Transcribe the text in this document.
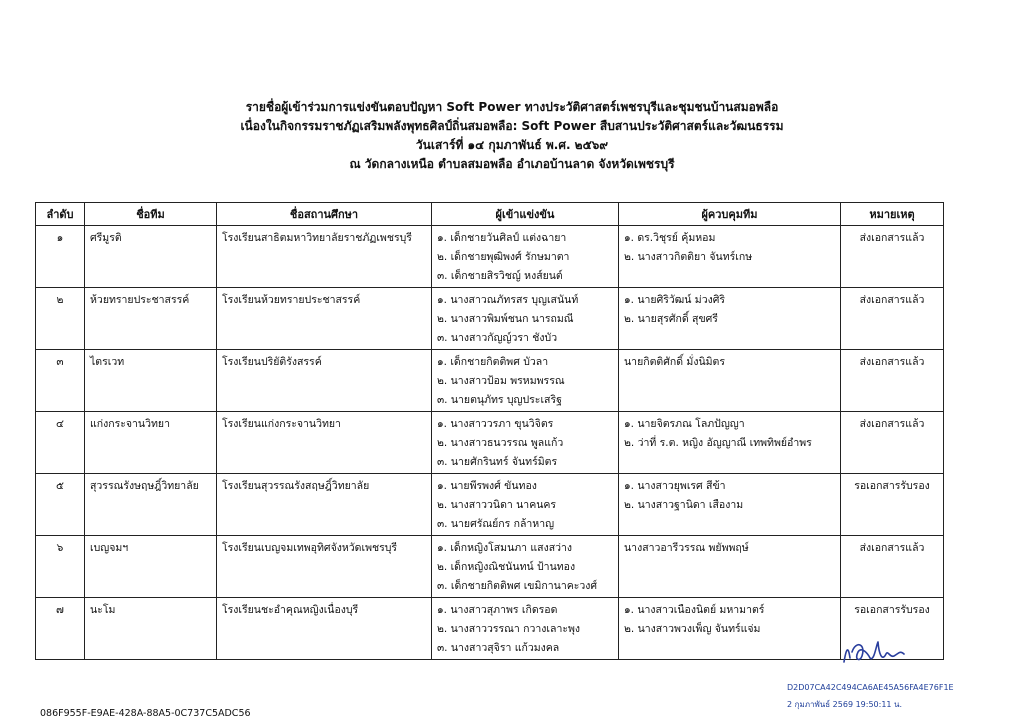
รายชื่อผู้เข้าร่วมการแข่งขันตอบปัญหา Soft Power ทางประวัติศาสตร์เพชรบุรีและชุมชนบ้านสมอพลือ
เนื่องในกิจกรรมราชภัฏเสริมพลังพุทธศิลป์ถิ่นสมอพลือ: Soft Power สืบสานประวัติศาสตร์และวัฒนธรรม
วันเสาร์ที่ ๑๔ กุมภาพันธ์ พ.ศ. ๒๕๖๙
ณ วัดกลางเหนือ ตำบลสมอพลือ อำเภอบ้านลาด จังหวัดเพชรบุรี
ลำดับ	ชื่อทีม	ชื่อสถานศึกษา	ผู้เข้าแข่งขัน	ผู้ควบคุมทีม	หมายเหตุ
๑	ศรีมูรติ	โรงเรียนสาธิตมหาวิทยาลัยราชภัฏเพชรบุรี	๑. เด็กชายวันศิลป์ แต่งฉายา
๒. เด็กชายพุฒิพงศ์ รักษมาตา
๓. เด็กชายสิรวิชญ์ หงส์ยนต์	๑. ดร.วิชุรย์ คุ้มหอม
๒. นางสาวกิตติยา จันทร์เกษ	ส่งเอกสารแล้ว
๒	ห้วยทรายประชาสรรค์	โรงเรียนห้วยทรายประชาสรรค์	๑. นางสาวณภัทรสร บุญเสนันท์
๒. นางสาวพิมพ์ชนก นารถมณี
๓. นางสาวกัญญ์วรา ชังบัว	๑. นายศิริวัฒน์ ม่วงศิริ
๒. นายสุรศักดิ์ สุขศรี	ส่งเอกสารแล้ว
๓	ไตรเวท	โรงเรียนปริยัติรังสรรค์	๑. เด็กชายกิตติพศ บัวลา
๒. นางสาวป้อม พรหมพรรณ
๓. นายตนุภัทร บุญประเสริฐ	นายกิตติศักดิ์ มั่งนิมิตร	ส่งเอกสารแล้ว
๔	แก่งกระจานวิทยา	โรงเรียนแก่งกระจานวิทยา	๑. นางสาววรภา ขุนวิจิตร
๒. นางสาวธนวรรณ พูลแก้ว
๓. นายศักรินทร์ จันทร์มิตร	๑. นายจิตรภณ โลภปัญญา
๒. ว่าที่ ร.ต. หญิง อัญญาณี เทพทิพย์อำพร	ส่งเอกสารแล้ว
๕	สุวรรณรังษฤษฎิ์วิทยาลัย	โรงเรียนสุวรรณรังสฤษฎิ์วิทยาลัย	๑. นายพีรพงศ์ ขันทอง
๒. นางสาววนิดา นาคนคร
๓. นายศรัณย์กร กล้าหาญ	๑. นางสาวยุพเรศ สีข้า
๒. นางสาวฐานิดา เสืองาม	รอเอกสารรับรอง
๖	เบญจมฯ	โรงเรียนเบญจมเทพอุทิศจังหวัดเพชรบุรี	๑. เด็กหญิงโสมนภา แสงสว่าง
๒. เด็กหญิงณิชนันทน์ ป้านทอง
๓. เด็กชายกิตติพศ เขมิกานาคะวงศ์	นางสาวอารีวรรณ พยัพพฤษ์	ส่งเอกสารแล้ว
๗	นะโม	โรงเรียนชะอำคุณหญิงเนื่องบุรี	๑. นางสาวสุภาพร เกิดรอด
๒. นางสาววรรณา กวางเลาะพุง
๓. นางสาวสุจิรา แก้วมงคล	๑. นางสาวเนืองนิตย์ มหามาตร์
๒. นางสาวพวงเพ็ญ จันทร์แจ่ม	รอเอกสารรับรอง
D2D07CA42C494CA6AE45A56FA4E76F1E
2 กุมภาพันธ์ 2569 19:50:11 น.
086F955F-E9AE-428A-88A5-0C737C5ADC56
